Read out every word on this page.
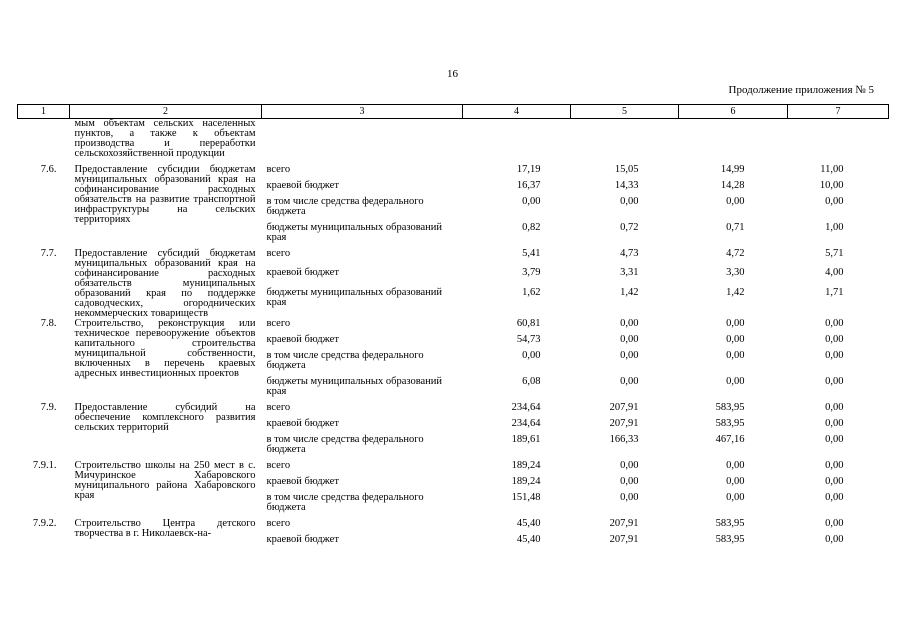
16
Продолжение приложения № 5
1	2	3	4	5	6	7
	мым объектам сельских населенных пунктов, а также к объектам производства и переработки сельскохозяйственной продукции					
7.6.	Предоставление субсидии бюджетам муниципальных образований края на софинансирование расходных обязательств на развитие транспортной инфраструктуры на сельских территориях	всего	17,19	15,05	14,99	11,00
		краевой бюджет	16,37	14,33	14,28	10,00
		в том числе средства федерального бюджета	0,00	0,00	0,00	0,00
		бюджеты муниципальных образований края	0,82	0,72	0,71	1,00
7.7.	Предоставление субсидий бюджетам муниципальных образований края на софинансирование расходных обязательств муниципальных образований края по поддержке садоводческих, огороднических некоммерческих товариществ	всего	5,41	4,73	4,72	5,71
		краевой бюджет	3,79	3,31	3,30	4,00
		бюджеты муниципальных образований края	1,62	1,42	1,42	1,71
7.8.	Строительство, реконструкция или техническое перевооружение объектов капитального строительства муниципальной собственности, включенных в перечень краевых адресных инвестиционных проектов	всего	60,81	0,00	0,00	0,00
		краевой бюджет	54,73	0,00	0,00	0,00
		в том числе средства федерального бюджета	0,00	0,00	0,00	0,00
		бюджеты муниципальных образований края	6,08	0,00	0,00	0,00
7.9.	Предоставление субсидий на обеспечение комплексного развития сельских территорий	всего	234,64	207,91	583,95	0,00
		краевой бюджет	234,64	207,91	583,95	0,00
		в том числе средства федерального бюджета	189,61	166,33	467,16	0,00
7.9.1.	Строительство школы на 250 мест в с. Мичуринское Хабаровского муниципального района Хабаровского края	всего	189,24	0,00	0,00	0,00
		краевой бюджет	189,24	0,00	0,00	0,00
		в том числе средства федерального бюджета	151,48	0,00	0,00	0,00
7.9.2.	Строительство Центра детского творчества в г. Николаевск-на-	всего	45,40	207,91	583,95	0,00
		краевой бюджет	45,40	207,91	583,95	0,00
